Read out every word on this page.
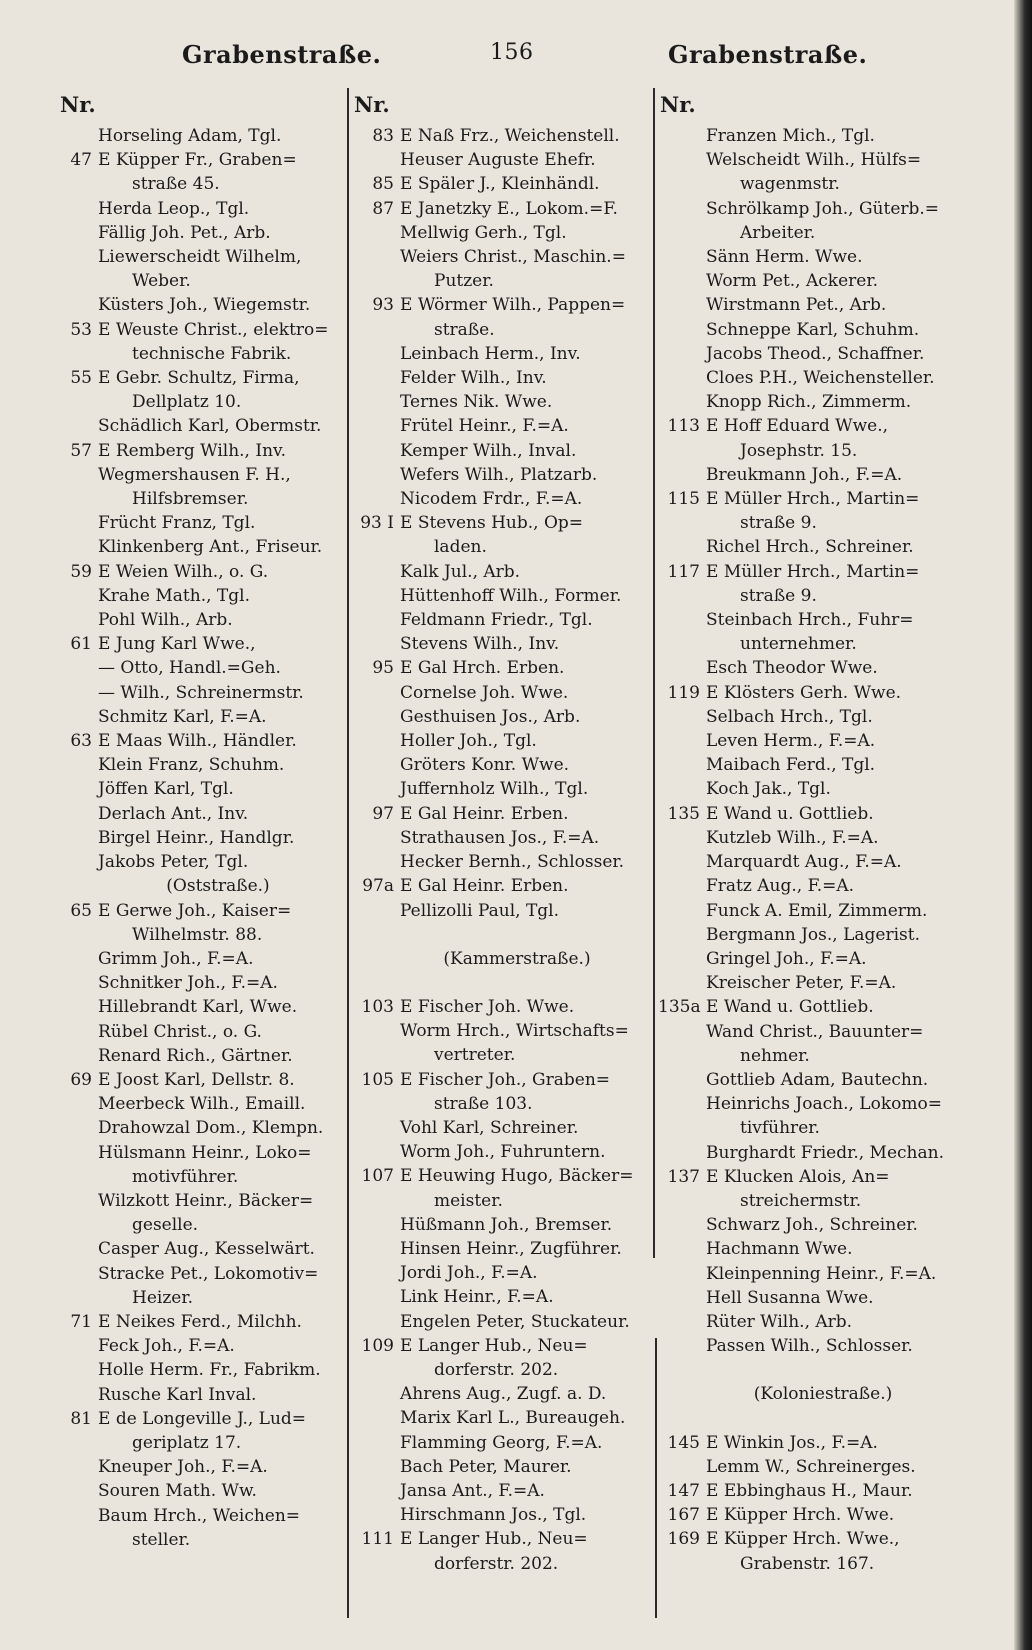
Grabenstraße.	156	Grabenstraße.
Nr.	Nr.	Nr.
Horseling Adam, Tgl.
47 E Küpper Fr., Graben=
straße 45.
Herda Leop., Tgl.
Fällig Joh. Pet., Arb.
Liewerscheidt Wilhelm,
Weber.
Küsters Joh., Wiegemstr.
53 E Weuste Christ., elektro=
technische Fabrik.
55 E Gebr. Schultz, Firma,
Dellplatz 10.
Schädlich Karl, Obermstr.
57 E Remberg Wilh., Inv.
Wegmershausen F. H.,
Hilfsbremser.
Frücht Franz, Tgl.
Klinkenberg Ant., Friseur.
59 E Weien Wilh., o. G.
Krahe Math., Tgl.
Pohl Wilh., Arb.
61 E Jung Karl Wwe.,
— Otto, Handl.=Geh.
— Wilh., Schreinermstr.
Schmitz Karl, F.=A.
63 E Maas Wilh., Händler.
Klein Franz, Schuhm.
Jöffen Karl, Tgl.
Derlach Ant., Inv.
Birgel Heinr., Handlgr.
Jakobs Peter, Tgl.
(Oststraße.)
65 E Gerwe Joh., Kaiser=
Wilhelmstr. 88.
Grimm Joh., F.=A.
Schnitker Joh., F.=A.
Hillebrandt Karl, Wwe.
Rübel Christ., o. G.
Renard Rich., Gärtner.
69 E Joost Karl, Dellstr. 8.
Meerbeck Wilh., Emaill.
Drahowzal Dom., Klempn.
Hülsmann Heinr., Loko=
motivführer.
Wilzkott Heinr., Bäcker=
geselle.
Casper Aug., Kesselwärt.
Stracke Pet., Lokomotiv=
Heizer.
71 E Neikes Ferd., Milchh.
Feck Joh., F.=A.
Holle Herm. Fr., Fabrikm.
Rusche Karl Inval.
81 E de Longeville J., Lud=
geriplatz 17.
Kneuper Joh., F.=A.
Souren Math. Ww.
Baum Hrch., Weichen=
steller.
83 E Naß Frz., Weichenstell.
Heuser Auguste Ehefr.
85 E Späler J., Kleinhändl.
87 E Janetzky E., Lokom.=F.
Mellwig Gerh., Tgl.
Weiers Christ., Maschin.=
Putzer.
93 E Wörmer Wilh., Pappen=
straße.
Leinbach Herm., Inv.
Felder Wilh., Inv.
Ternes Nik. Wwe.
Frütel Heinr., F.=A.
Kemper Wilh., Inval.
Wefers Wilh., Platzarb.
Nicodem Frdr., F.=A.
93 I E Stevens Hub., Op=
laden.
Kalk Jul., Arb.
Hüttenhoff Wilh., Former.
Feldmann Friedr., Tgl.
Stevens Wilh., Inv.
95 E Gal Hrch. Erben.
Cornelse Joh. Wwe.
Gesthuisen Jos., Arb.
Holler Joh., Tgl.
Gröters Konr. Wwe.
Juffernholz Wilh., Tgl.
97 E Gal Heinr. Erben.
Strathausen Jos., F.=A.
Hecker Bernh., Schlosser.
97a E Gal Heinr. Erben.
Pellizolli Paul, Tgl.
(Kammerstraße.)
103 E Fischer Joh. Wwe.
Worm Hrch., Wirtschafts=
vertreter.
105 E Fischer Joh., Graben=
straße 103.
Vohl Karl, Schreiner.
Worm Joh., Fuhruntern.
107 E Heuwing Hugo, Bäcker=
meister.
Hüßmann Joh., Bremser.
Hinsen Heinr., Zugführer.
Jordi Joh., F.=A.
Link Heinr., F.=A.
Engelen Peter, Stuckateur.
109 E Langer Hub., Neu=
dorferstr. 202.
Ahrens Aug., Zugf. a. D.
Marix Karl L., Bureaugeh.
Flamming Georg, F.=A.
Bach Peter, Maurer.
Jansa Ant., F.=A.
Hirschmann Jos., Tgl.
111 E Langer Hub., Neu=
dorferstr. 202.
Franzen Mich., Tgl.
Welscheidt Wilh., Hülfs=
wagenmstr.
Schrölkamp Joh., Güterb.=
Arbeiter.
Sänn Herm. Wwe.
Worm Pet., Ackerer.
Wirstmann Pet., Arb.
Schneppe Karl, Schuhm.
Jacobs Theod., Schaffner.
Cloes P.H., Weichensteller.
Knopp Rich., Zimmerm.
113 E Hoff Eduard Wwe.,
Josephstr. 15.
Breukmann Joh., F.=A.
115 E Müller Hrch., Martin=
straße 9.
Richel Hrch., Schreiner.
117 E Müller Hrch., Martin=
straße 9.
Steinbach Hrch., Fuhr=
unternehmer.
Esch Theodor Wwe.
119 E Klösters Gerh. Wwe.
Selbach Hrch., Tgl.
Leven Herm., F.=A.
Maibach Ferd., Tgl.
Koch Jak., Tgl.
135 E Wand u. Gottlieb.
Kutzleb Wilh., F.=A.
Marquardt Aug., F.=A.
Fratz Aug., F.=A.
Funck A. Emil, Zimmerm.
Bergmann Jos., Lagerist.
Gringel Joh., F.=A.
Kreischer Peter, F.=A.
135a E Wand u. Gottlieb.
Wand Christ., Bauunter=
nehmer.
Gottlieb Adam, Bautechn.
Heinrichs Joach., Lokomo=
tivführer.
Burghardt Friedr., Mechan.
137 E Klucken Alois, An=
streichermstr.
Schwarz Joh., Schreiner.
Hachmann Wwe.
Kleinpenning Heinr., F.=A.
Hell Susanna Wwe.
Rüter Wilh., Arb.
Passen Wilh., Schlosser.
(Koloniestraße.)
145 E Winkin Jos., F.=A.
Lemm W., Schreinerges.
147 E Ebbinghaus H., Maur.
167 E Küpper Hrch. Wwe.
169 E Küpper Hrch. Wwe.,
Grabenstr. 167.
